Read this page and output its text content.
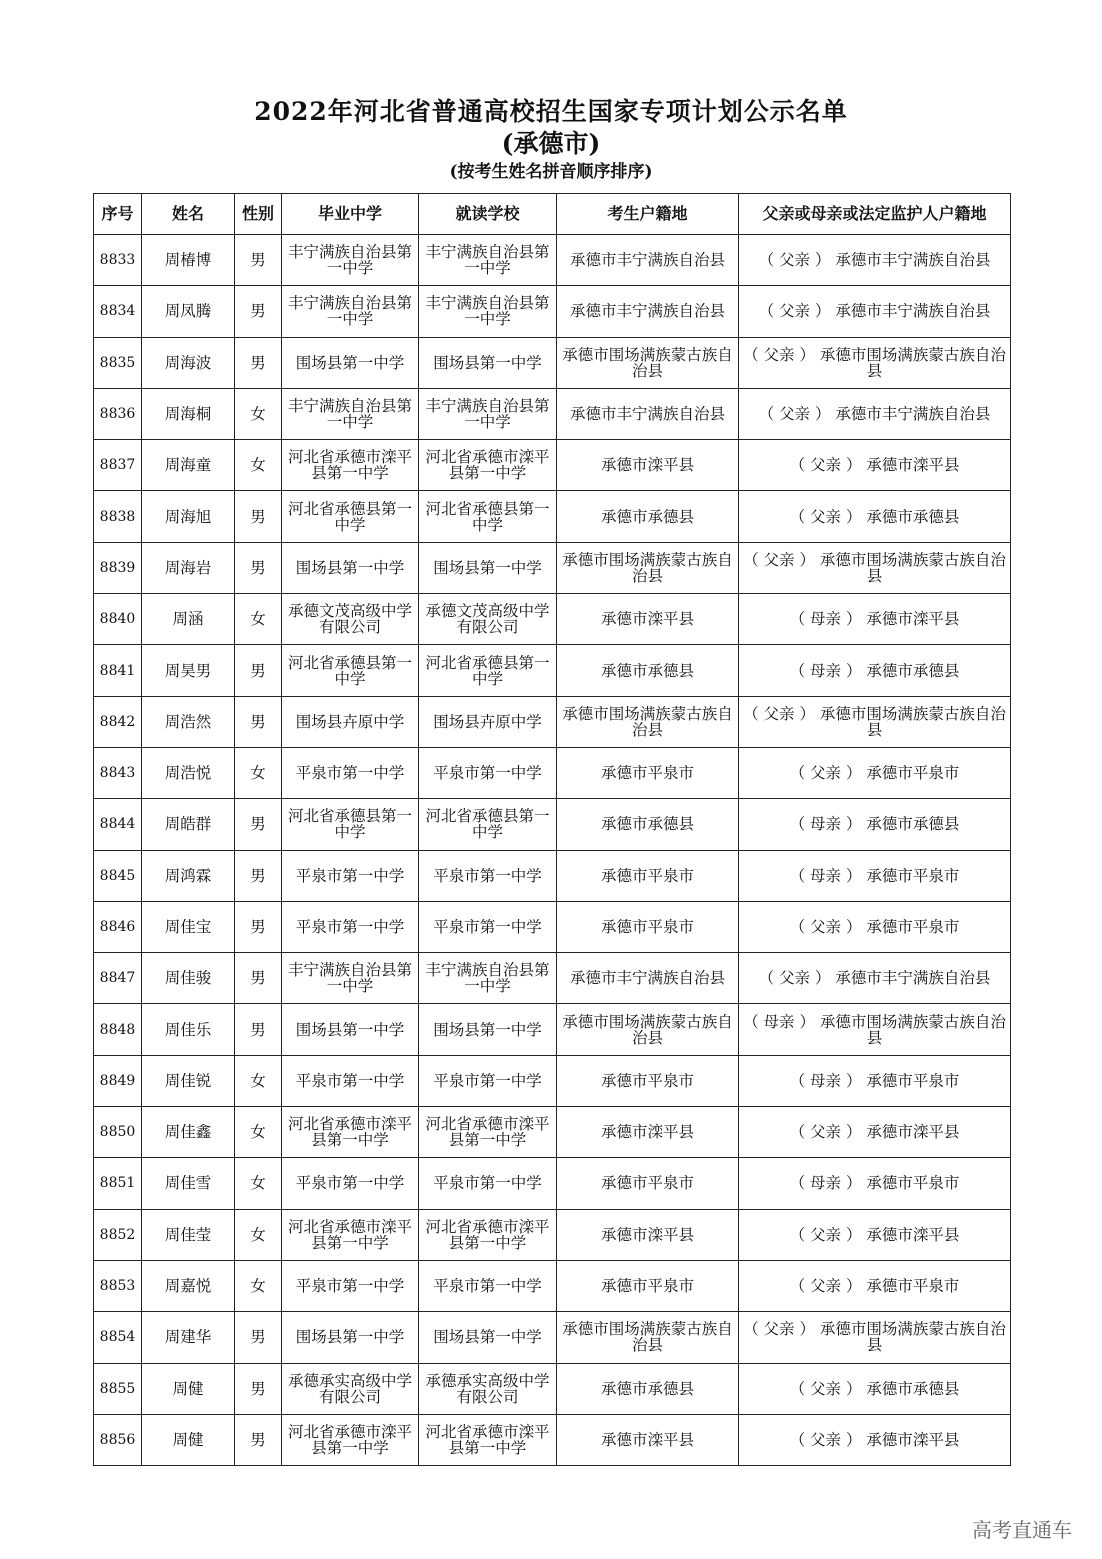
2022年河北省普通高校招生国家专项计划公示名单
(承德市)
(按考生姓名拼音顺序排序)
序号	姓名	性别	毕业中学	就读学校	考生户籍地	父亲或母亲或法定监护人户籍地
8833	周椿博	男	丰宁满族自治县第一中学	丰宁满族自治县第一中学	承德市丰宁满族自治县	（ 父亲 ） 承德市丰宁满族自治县
8834	周凤腾	男	丰宁满族自治县第一中学	丰宁满族自治县第一中学	承德市丰宁满族自治县	（ 父亲 ） 承德市丰宁满族自治县
8835	周海波	男	围场县第一中学	围场县第一中学	承德市围场满族蒙古族自治县	（ 父亲 ） 承德市围场满族蒙古族自治县
8836	周海桐	女	丰宁满族自治县第一中学	丰宁满族自治县第一中学	承德市丰宁满族自治县	（ 父亲 ） 承德市丰宁满族自治县
8837	周海童	女	河北省承德市滦平县第一中学	河北省承德市滦平县第一中学	承德市滦平县	（ 父亲 ） 承德市滦平县
8838	周海旭	男	河北省承德县第一中学	河北省承德县第一中学	承德市承德县	（ 父亲 ） 承德市承德县
8839	周海岩	男	围场县第一中学	围场县第一中学	承德市围场满族蒙古族自治县	（ 父亲 ） 承德市围场满族蒙古族自治县
8840	周涵	女	承德文茂高级中学有限公司	承德文茂高级中学有限公司	承德市滦平县	（ 母亲 ） 承德市滦平县
8841	周昊男	男	河北省承德县第一中学	河北省承德县第一中学	承德市承德县	（ 母亲 ） 承德市承德县
8842	周浩然	男	围场县卉原中学	围场县卉原中学	承德市围场满族蒙古族自治县	（ 父亲 ） 承德市围场满族蒙古族自治县
8843	周浩悦	女	平泉市第一中学	平泉市第一中学	承德市平泉市	（ 父亲 ） 承德市平泉市
8844	周皓群	男	河北省承德县第一中学	河北省承德县第一中学	承德市承德县	（ 母亲 ） 承德市承德县
8845	周鸿霖	男	平泉市第一中学	平泉市第一中学	承德市平泉市	（ 母亲 ） 承德市平泉市
8846	周佳宝	男	平泉市第一中学	平泉市第一中学	承德市平泉市	（ 父亲 ） 承德市平泉市
8847	周佳骏	男	丰宁满族自治县第一中学	丰宁满族自治县第一中学	承德市丰宁满族自治县	（ 父亲 ） 承德市丰宁满族自治县
8848	周佳乐	男	围场县第一中学	围场县第一中学	承德市围场满族蒙古族自治县	（ 母亲 ） 承德市围场满族蒙古族自治县
8849	周佳锐	女	平泉市第一中学	平泉市第一中学	承德市平泉市	（ 母亲 ） 承德市平泉市
8850	周佳鑫	女	河北省承德市滦平县第一中学	河北省承德市滦平县第一中学	承德市滦平县	（ 父亲 ） 承德市滦平县
8851	周佳雪	女	平泉市第一中学	平泉市第一中学	承德市平泉市	（ 母亲 ） 承德市平泉市
8852	周佳莹	女	河北省承德市滦平县第一中学	河北省承德市滦平县第一中学	承德市滦平县	（ 父亲 ） 承德市滦平县
8853	周嘉悦	女	平泉市第一中学	平泉市第一中学	承德市平泉市	（ 父亲 ） 承德市平泉市
8854	周建华	男	围场县第一中学	围场县第一中学	承德市围场满族蒙古族自治县	（ 父亲 ） 承德市围场满族蒙古族自治县
8855	周健	男	承德承实高级中学有限公司	承德承实高级中学有限公司	承德市承德县	（ 父亲 ） 承德市承德县
8856	周健	男	河北省承德市滦平县第一中学	河北省承德市滦平县第一中学	承德市滦平县	（ 父亲 ） 承德市滦平县
高考直通车
